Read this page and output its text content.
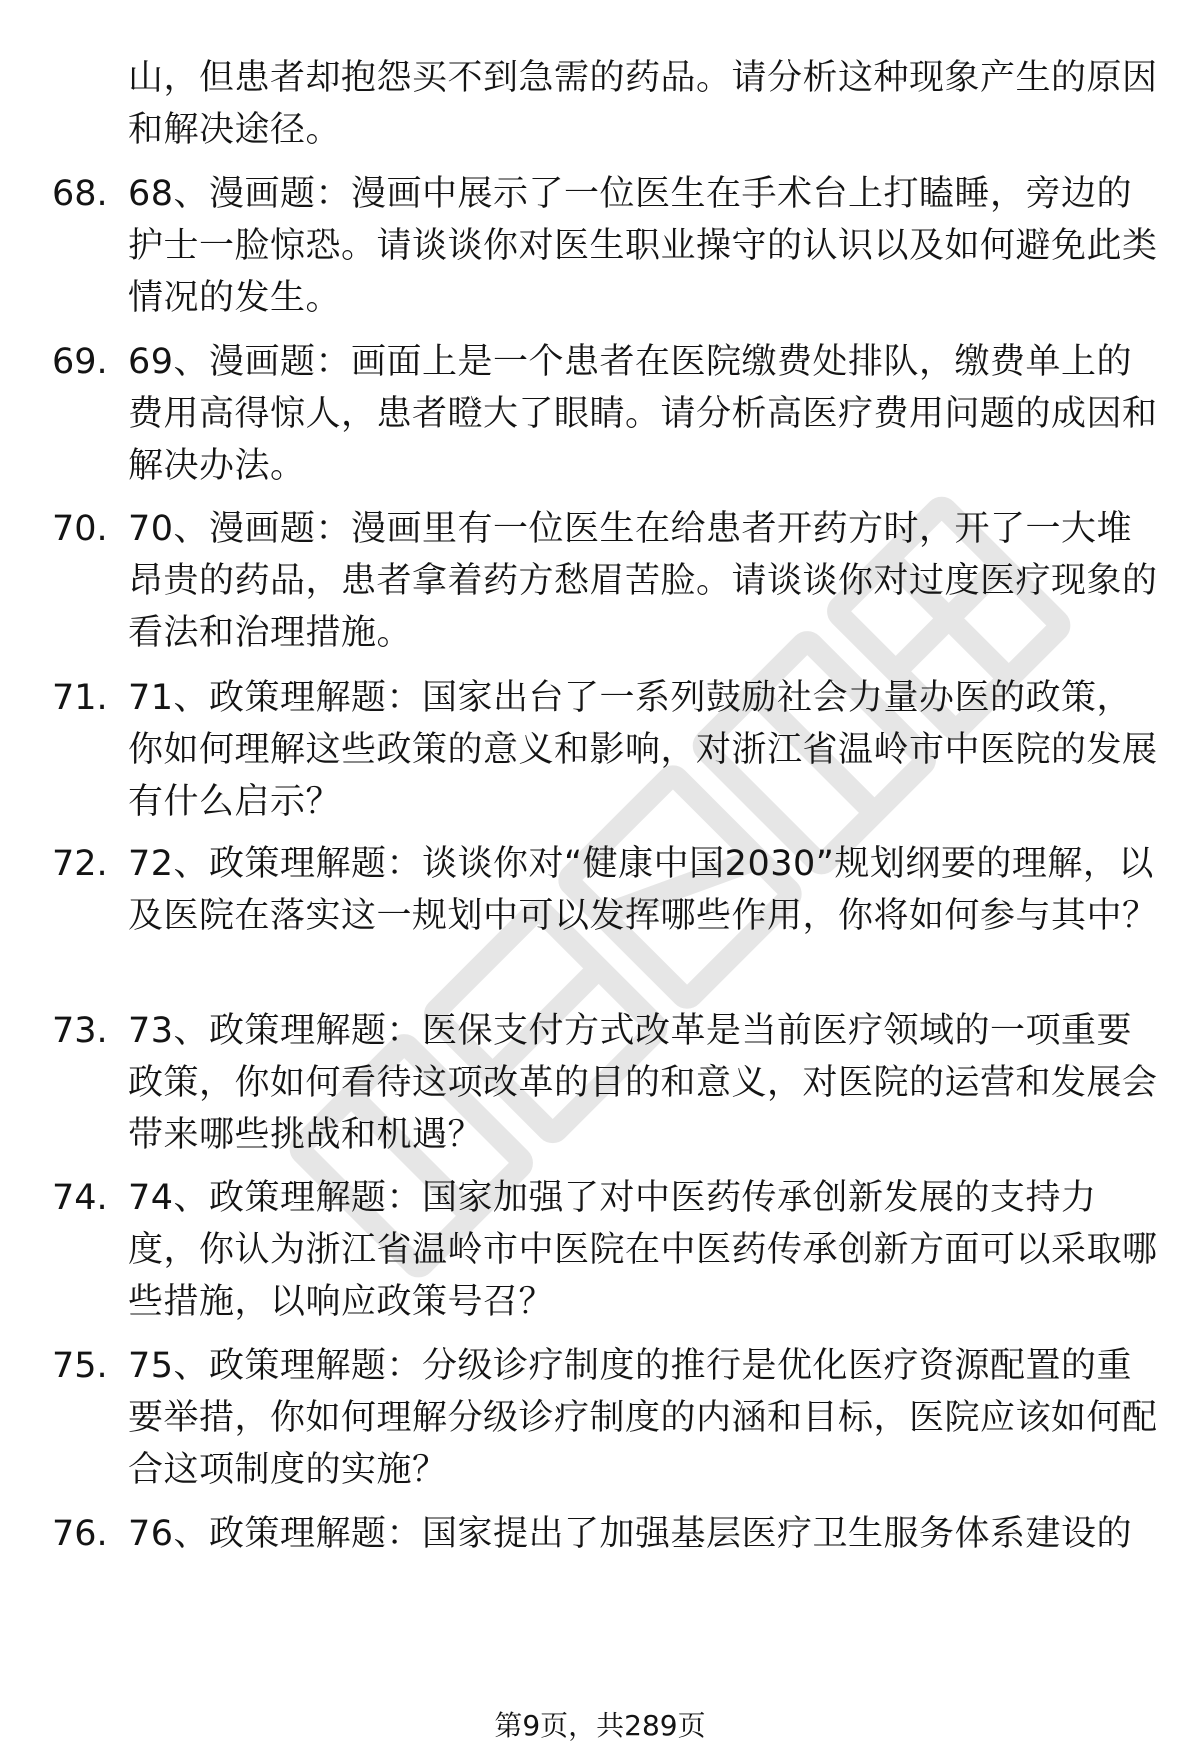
山，但患者却抱怨买不到急需的药品。请分析这种现象产生的原因和解决途径。
68. 68、漫画题：漫画中展示了一位医生在手术台上打瞌睡，旁边的护士一脸惊恐。请谈谈你对医生职业操守的认识以及如何避免此类情况的发生。
69. 69、漫画题：画面上是一个患者在医院缴费处排队，缴费单上的费用高得惊人，患者瞪大了眼睛。请分析高医疗费用问题的成因和解决办法。
70. 70、漫画题：漫画里有一位医生在给患者开药方时，开了一大堆昂贵的药品，患者拿着药方愁眉苦脸。请谈谈你对过度医疗现象的看法和治理措施。
71. 71、政策理解题：国家出台了一系列鼓励社会力量办医的政策，你如何理解这些政策的意义和影响，对浙江省温岭市中医院的发展有什么启示？
72. 72、政策理解题：谈谈你对“健康中国2030”规划纲要的理解，以及医院在落实这一规划中可以发挥哪些作用，你将如何参与其中？
73. 73、政策理解题：医保支付方式改革是当前医疗领域的一项重要政策，你如何看待这项改革的目的和意义，对医院的运营和发展会带来哪些挑战和机遇？
74. 74、政策理解题：国家加强了对中医药传承创新发展的支持力度，你认为浙江省温岭市中医院在中医药传承创新方面可以采取哪些措施，以响应政策号召？
75. 75、政策理解题：分级诊疗制度的推行是优化医疗资源配置的重要举措，你如何理解分级诊疗制度的内涵和目标，医院应该如何配合这项制度的实施？
76. 76、政策理解题：国家提出了加强基层医疗卫生服务体系建设的
第9页，共289页
